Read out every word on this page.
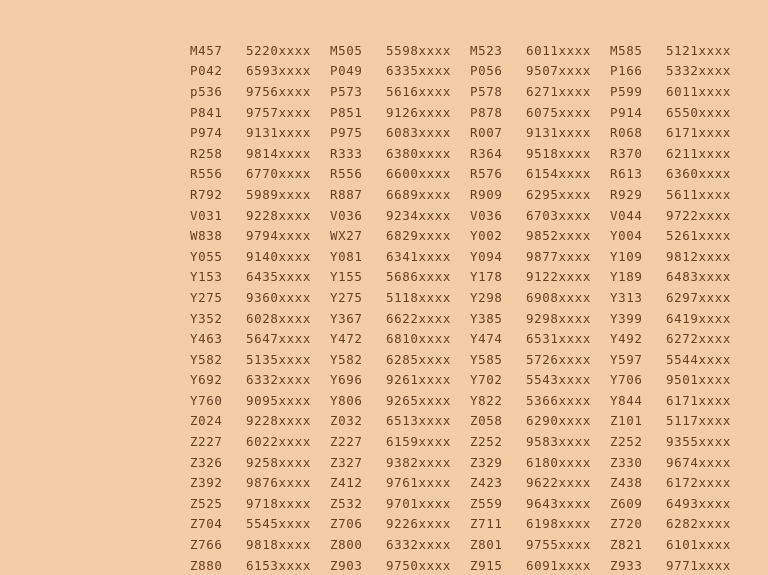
M457	5220xxxx M505	5598xxxx M523	6011xxxx M585	5121xxxx
P042	6593xxxx P049	6335xxxx P056	9507xxxx P166	5332xxxx
p536	9756xxxx P573	5616xxxx P578	6271xxxx P599	6011xxxx
P841	9757xxxx P851	9126xxxx P878	6075xxxx P914	6550xxxx
P974	9131xxxx P975	6083xxxx R007	9131xxxx R068	6171xxxx
R258	9814xxxx R333	6380xxxx R364	9518xxxx R370	6211xxxx
R556	6770xxxx R556	6600xxxx R576	6154xxxx R613	6360xxxx
R792	5989xxxx R887	6689xxxx R909	6295xxxx R929	5611xxxx
V031	9228xxxx V036	9234xxxx V036	6703xxxx V044	9722xxxx
W838	9794xxxx WX27	6829xxxx Y002	9852xxxx Y004	5261xxxx
Y055	9140xxxx Y081	6341xxxx Y094	9877xxxx Y109	9812xxxx
Y153	6435xxxx Y155	5686xxxx Y178	9122xxxx Y189	6483xxxx
Y275	9360xxxx Y275	5118xxxx Y298	6908xxxx Y313	6297xxxx
Y352	6028xxxx Y367	6622xxxx Y385	9298xxxx Y399	6419xxxx
Y463	5647xxxx Y472	6810xxxx Y474	6531xxxx Y492	6272xxxx
Y582	5135xxxx Y582	6285xxxx Y585	5726xxxx Y597	5544xxxx
Y692	6332xxxx Y696	9261xxxx Y702	5543xxxx Y706	9501xxxx
Y760	9095xxxx Y806	9265xxxx Y822	5366xxxx Y844	6171xxxx
Z024	9228xxxx Z032	6513xxxx Z058	6290xxxx Z101	5117xxxx
Z227	6022xxxx Z227	6159xxxx Z252	9583xxxx Z252	9355xxxx
Z326	9258xxxx Z327	9382xxxx Z329	6180xxxx Z330	9674xxxx
Z392	9876xxxx Z412	9761xxxx Z423	9622xxxx Z438	6172xxxx
Z525	9718xxxx Z532	9701xxxx Z559	9643xxxx Z609	6493xxxx
Z704	5545xxxx Z706	9226xxxx Z711	6198xxxx Z720	6282xxxx
Z766	9818xxxx Z800	6332xxxx Z801	9755xxxx Z821	6101xxxx
Z880	6153xxxx Z903	9750xxxx Z915	6091xxxx Z933	9771xxxx
